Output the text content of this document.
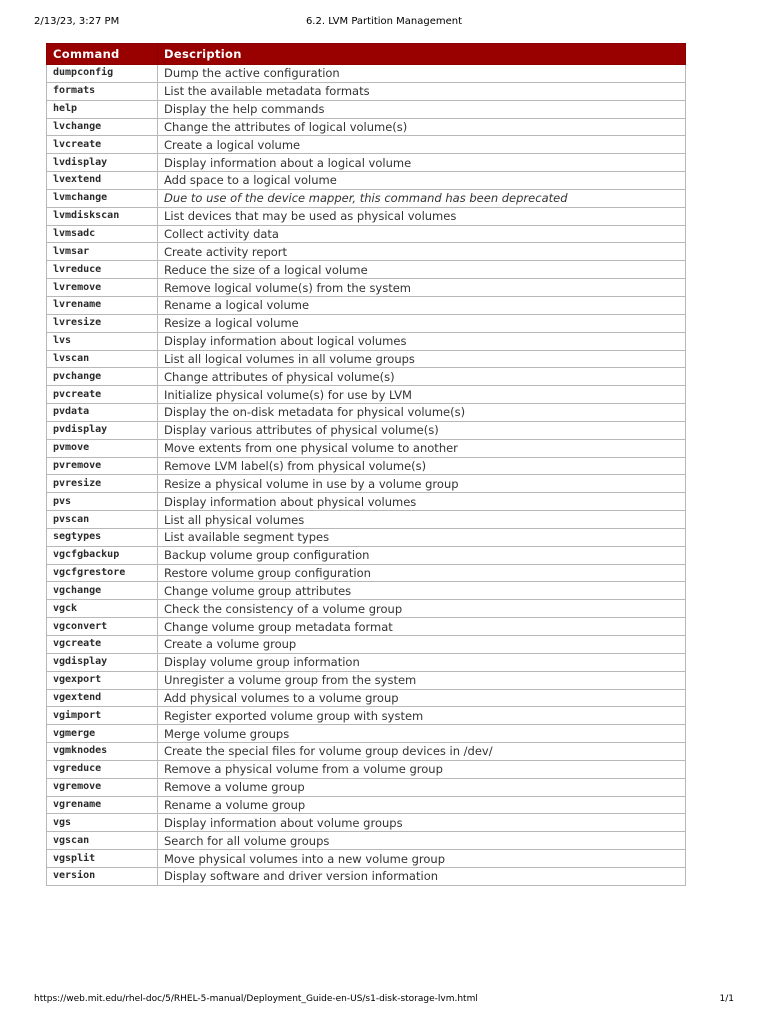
2/13/23, 3:27 PM	6.2. LVM Partition Management
Command	Description
dumpconfig	Dump the active configuration
formats	List the available metadata formats
help	Display the help commands
lvchange	Change the attributes of logical volume(s)
lvcreate	Create a logical volume
lvdisplay	Display information about a logical volume
lvextend	Add space to a logical volume
lvmchange	Due to use of the device mapper, this command has been deprecated
lvmdiskscan	List devices that may be used as physical volumes
lvmsadc	Collect activity data
lvmsar	Create activity report
lvreduce	Reduce the size of a logical volume
lvremove	Remove logical volume(s) from the system
lvrename	Rename a logical volume
lvresize	Resize a logical volume
lvs	Display information about logical volumes
lvscan	List all logical volumes in all volume groups
pvchange	Change attributes of physical volume(s)
pvcreate	Initialize physical volume(s) for use by LVM
pvdata	Display the on-disk metadata for physical volume(s)
pvdisplay	Display various attributes of physical volume(s)
pvmove	Move extents from one physical volume to another
pvremove	Remove LVM label(s) from physical volume(s)
pvresize	Resize a physical volume in use by a volume group
pvs	Display information about physical volumes
pvscan	List all physical volumes
segtypes	List available segment types
vgcfgbackup	Backup volume group configuration
vgcfgrestore	Restore volume group configuration
vgchange	Change volume group attributes
vgck	Check the consistency of a volume group
vgconvert	Change volume group metadata format
vgcreate	Create a volume group
vgdisplay	Display volume group information
vgexport	Unregister a volume group from the system
vgextend	Add physical volumes to a volume group
vgimport	Register exported volume group with system
vgmerge	Merge volume groups
vgmknodes	Create the special files for volume group devices in /dev/
vgreduce	Remove a physical volume from a volume group
vgremove	Remove a volume group
vgrename	Rename a volume group
vgs	Display information about volume groups
vgscan	Search for all volume groups
vgsplit	Move physical volumes into a new volume group
version	Display software and driver version information
https://web.mit.edu/rhel-doc/5/RHEL-5-manual/Deployment_Guide-en-US/s1-disk-storage-lvm.html	1/1
